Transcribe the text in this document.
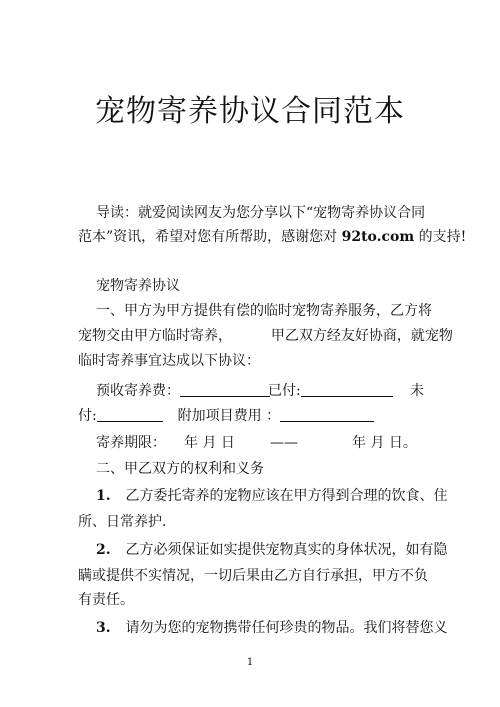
宠物寄养协议合同范本
导读：就爱阅读网友为您分享以下“宠物寄养协议合同
范本”资讯，希望对您有所帮助，感谢您对 92to.com 的支持!
宠物寄养协议
一、甲方为甲方提供有偿的临时宠物寄养服务，乙方将
宠物交由甲方临时寄养，	甲乙双方经友好协商，就宠物
临时寄养事宜达成以下协议：
预收寄养费：	已付:	未
付:	附加项目费用 ：
寄养期限： 年 月 日	——	年 月 日。
二、甲乙双方的权利和义务
1. 乙方委托寄养的宠物应该在甲方得到合理的饮食、住
所、日常养护.
2. 乙方必须保证如实提供宠物真实的身体状况，如有隐
瞒或提供不实情况，一切后果由乙方自行承担，甲方不负
有责任。
3. 请勿为您的宠物携带任何珍贵的物品。我们将替您义
1
